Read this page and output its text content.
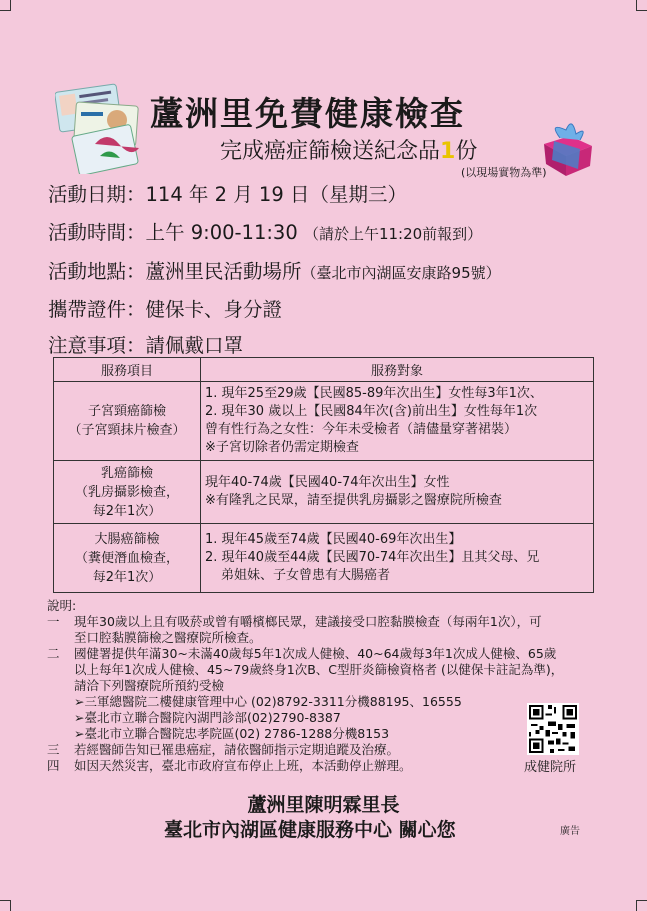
蘆洲里免費健康檢查
完成癌症篩檢送紀念品1份
(以現場實物為準)
活動日期：114 年 2 月 19 日（星期三）
活動時間：上午 9:00-11:30 （請於上午11:20前報到）
活動地點：蘆洲里民活動場所（臺北市內湖區安康路95號）
攜帶證件：健保卡、身分證
注意事項：請佩戴口罩
服務項目	服務對象

子宮頸癌篩檢
（子宮頸抹片檢查）	1. 現年25至29歲【民國85-89年次出生】女性每3年1次、
2. 現年30 歲以上【民國84年次(含)前出生】女性每年1次
曾有性行為之女性：今年未受檢者（請儘量穿著裙裝）
※子宮切除者仍需定期檢查

乳癌篩檢
（乳房攝影檢查，
每2年1次）	現年40-74歲【民國40-74年次出生】女性
※有隆乳之民眾，請至提供乳房攝影之醫療院所檢查

大腸癌篩檢
（糞便潛血檢查，
每2年1次）	1. 現年45歲至74歲【民國40-69年次出生】
2. 現年40歲至44歲【民國70-74年次出生】且其父母、兄
弟姐妹、子女曾患有大腸癌者
說明:
一	現年30歲以上且有吸菸或曾有嚼檳榔民眾，建議接受口腔黏膜檢查（每兩年1次），可
至口腔黏膜篩檢之醫療院所檢查。
二	國健署提供年滿30~未滿40歲每5年1次成人健檢、40~64歲每3年1次成人健檢、65歲
以上每年1次成人健檢、45~79歲終身1次B、C型肝炎篩檢資格者 (以健保卡註記為準)，
請洽下列醫療院所預約受檢
➢三軍總醫院二樓健康管理中心 (02)8792-3311分機88195、16555
➢臺北市立聯合醫院內湖門診部(02)2790-8387
➢臺北市立聯合醫院忠孝院區(02) 2786-1288分機8153
三	若經醫師告知已罹患癌症，請依醫師指示定期追蹤及治療。
四	如因天然災害，臺北市政府宣布停止上班，本活動停止辦理。	成健院所
蘆洲里陳明霖里長
臺北市內湖區健康服務中心 關心您	廣告
